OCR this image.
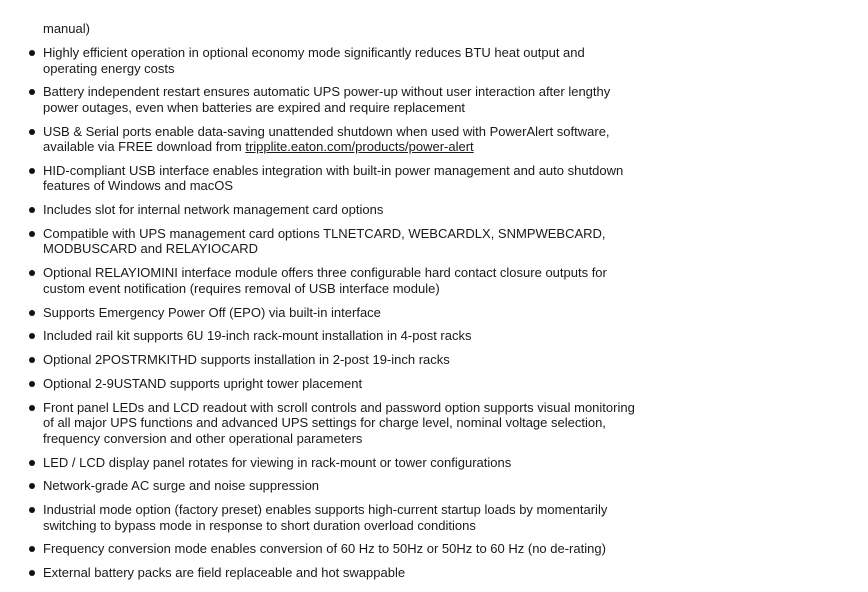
manual)

Highly efficient operation in optional economy mode significantly reduces BTU heat output and
operating energy costs
Battery independent restart ensures automatic UPS power-up without user interaction after lengthy
power outages, even when batteries are expired and require replacement
USB & Serial ports enable data-saving unattended shutdown when used with PowerAlert software,
available via FREE download from tripplite.eaton.com/products/power-alert
HID-compliant USB interface enables integration with built-in power management and auto shutdown
features of Windows and macOS
Includes slot for internal network management card options
Compatible with UPS management card options TLNETCARD, WEBCARDLX, SNMPWEBCARD,
MODBUSCARD and RELAYIOCARD
Optional RELAYIOMINI interface module offers three configurable hard contact closure outputs for
custom event notification (requires removal of USB interface module)
Supports Emergency Power Off (EPO) via built-in interface
Included rail kit supports 6U 19-inch rack-mount installation in 4-post racks
Optional 2POSTRMKITHD supports installation in 2-post 19-inch racks
Optional 2-9USTAND supports upright tower placement
Front panel LEDs and LCD readout with scroll controls and password option supports visual monitoring
of all major UPS functions and advanced UPS settings for charge level, nominal voltage selection,
frequency conversion and other operational parameters
LED / LCD display panel rotates for viewing in rack-mount or tower configurations
Network-grade AC surge and noise suppression
Industrial mode option (factory preset) enables supports high-current startup loads by momentarily
switching to bypass mode in response to short duration overload conditions
Frequency conversion mode enables conversion of 60 Hz to 50Hz or 50Hz to 60 Hz (no de-rating)
External battery packs are field replaceable and hot swappable
